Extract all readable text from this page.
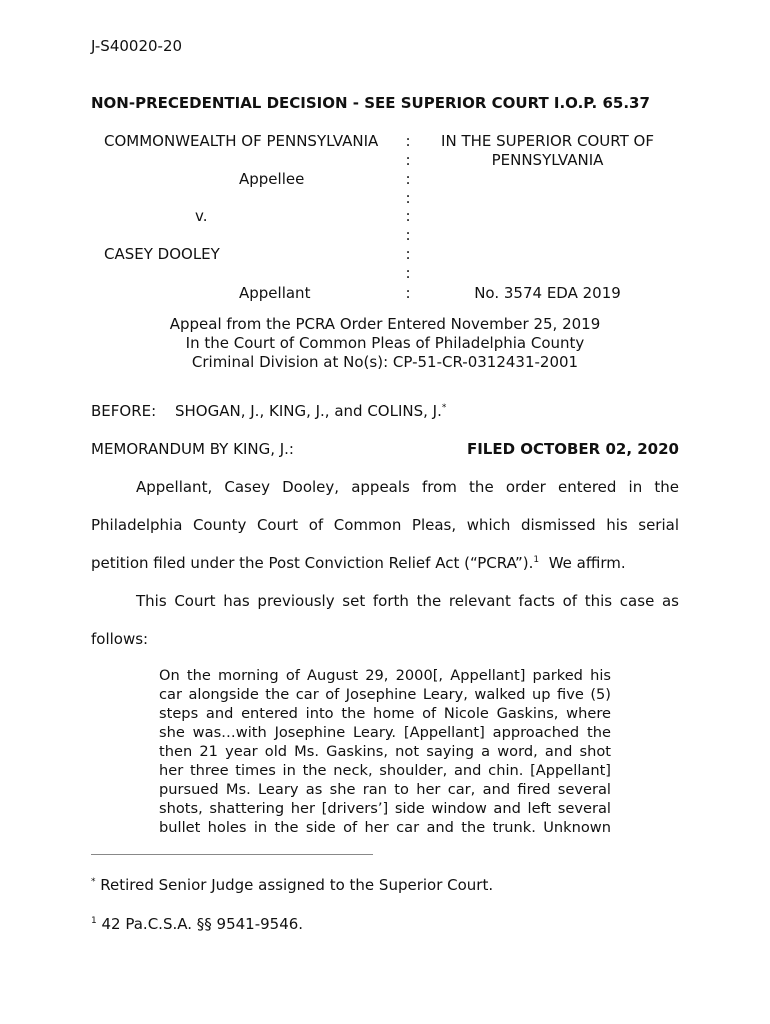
J-S40020-20
NON-PRECEDENTIAL DECISION - SEE SUPERIOR COURT I.O.P. 65.37
COMMONWEALTH OF PENNSYLVANIA
Appellee
v.
CASEY DOOLEY
Appellant
:
:
:
:
:
:
:
:
:
IN THE SUPERIOR COURT OF
PENNSYLVANIA
No. 3574 EDA 2019
Appeal from the PCRA Order Entered November 25, 2019
In the Court of Common Pleas of Philadelphia County
Criminal Division at No(s): CP-51-CR-0312431-2001
BEFORE: SHOGAN, J., KING, J., and COLINS, J.*
MEMORANDUM BY KING, J.:	FILED OCTOBER 02, 2020
Appellant, Casey Dooley, appeals from the order entered in the
Philadelphia County Court of Common Pleas, which dismissed his serial
petition filed under the Post Conviction Relief Act (“PCRA”).$^1$ We affirm.
This Court has previously set forth the relevant facts of this case as
follows:
On the morning of August 29, 2000[, Appellant] parked his
car alongside the car of Josephine Leary, walked up five (5)
steps and entered into the home of Nicole Gaskins, where
she was…with Josephine Leary. [Appellant] approached the
then 21 year old Ms. Gaskins, not saying a word, and shot
her three times in the neck, shoulder, and chin. [Appellant]
pursued Ms. Leary as she ran to her car, and fired several
shots, shattering her [drivers’] side window and left several
bullet holes in the side of her car and the trunk. Unknown
* Retired Senior Judge assigned to the Superior Court.
$^1$ 42 Pa.C.S.A. §§ 9541-9546.
